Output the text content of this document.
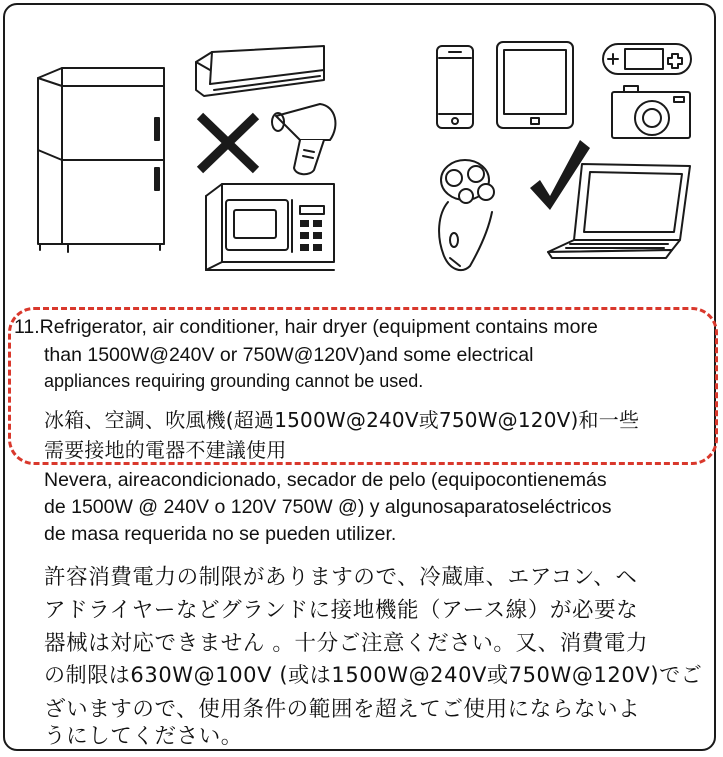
11.Refrigerator, air conditioner, hair dryer (equipment contains more
than 1500W@240V or 750W@120V)and some electrical
appliances requiring grounding cannot be used.
冰箱、空調、吹風機(超過1500W@240V或750W@120V)和一些
需要接地的電器不建議使用
Nevera, aireacondicionado, secador de pelo (equipocontienemás
de 1500W @ 240V o 120V 750W @) y algunosaparatoseléctricos
de masa requerida no se pueden utilizer.
許容消費電力の制限がありますので、冷蔵庫、エアコン、ヘ
アドライヤーなどグランドに接地機能（アース線）が必要な
器械は対応できません 。十分ご注意ください。又、消費電力
の制限は630W@100V (或は1500W@240V或750W@120V)でご
ざいますので、使用条件の範囲を超えてご使用にならないよ
うにしてください。
